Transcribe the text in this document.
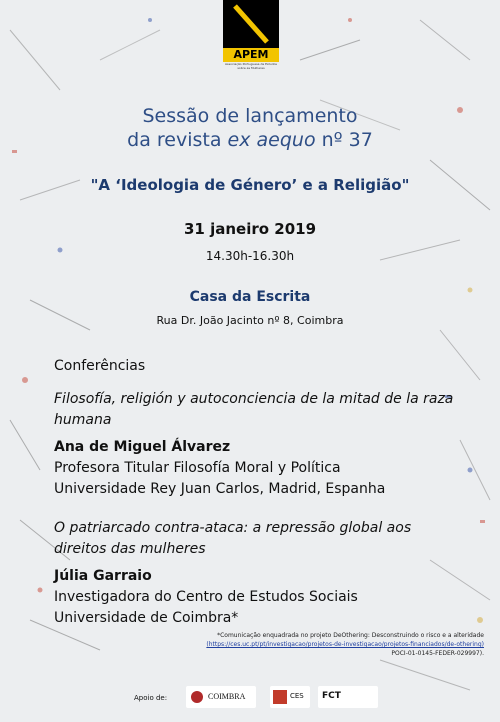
APEM
Associação Portuguesa de Estudos sobre as Mulheres
Sessão de lançamento
da revista ex aequo nº 37
"A ‘Ideologia de Género’ e a Religião"
31 janeiro 2019
14.30h-16.30h
Casa da Escrita
Rua Dr. João Jacinto nº 8, Coimbra
Conferências
Filosofía, religión y autoconciencia de la mitad de la raza humana
Ana de Miguel Álvarez
Profesora Titular Filosofía Moral y Política
Universidade Rey Juan Carlos, Madrid, Espanha
O patriarcado contra-ataca: a repressão global aos direitos das mulheres
Júlia Garraio
Investigadora do Centro de Estudos Sociais
Universidade de Coimbra*
*Comunicação enquadrada no projeto DeOthering: Desconstruindo o risco e a alteridade
(https://ces.uc.pt/pt/investigacao/projetos-de-investigacao/projetos-financiados/de-othering)
POCI-01-0145-FEDER-029997).
Apoio de:	COIMBRA	CES FCT
